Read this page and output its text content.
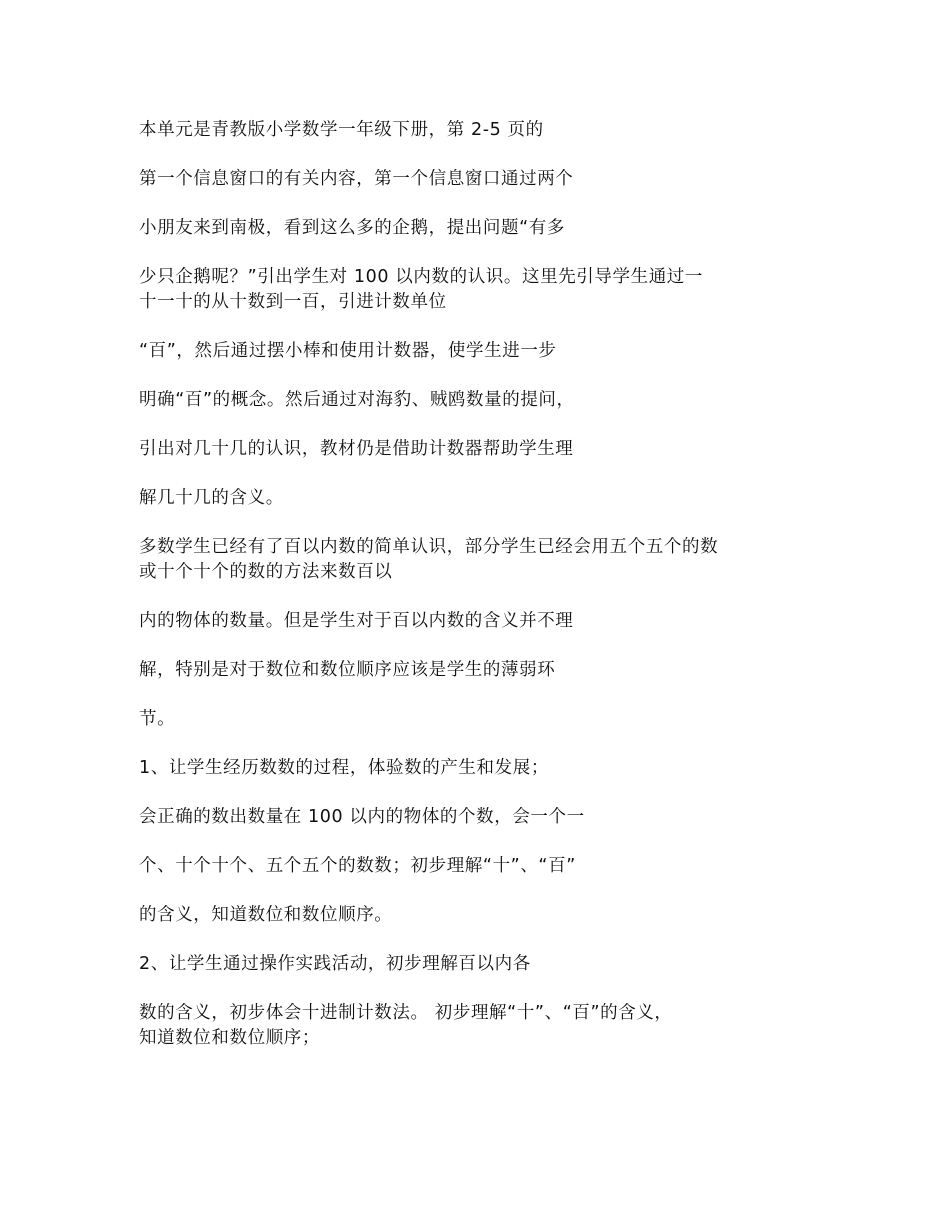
本单元是青教版小学数学一年级下册，第 2-5 页的
第一个信息窗口的有关内容，第一个信息窗口通过两个
小朋友来到南极，看到这么多的企鹅，提出问题“有多
少只企鹅呢？”引出学生对 100 以内数的认识。这里先引导学生通过一
十一十的从十数到一百，引进计数单位
“百”，然后通过摆小棒和使用计数器，使学生进一步
明确“百”的概念。然后通过对海豹、贼鸥数量的提问，
引出对几十几的认识，教材仍是借助计数器帮助学生理
解几十几的含义。
多数学生已经有了百以内数的简单认识，部分学生已经会用五个五个的数
或十个十个的数的方法来数百以
内的物体的数量。但是学生对于百以内数的含义并不理
解，特别是对于数位和数位顺序应该是学生的薄弱环
节。
1、让学生经历数数的过程，体验数的产生和发展；
会正确的数出数量在 100 以内的物体的个数，会一个一
个、十个十个、五个五个的数数；初步理解“十”、“百”
的含义，知道数位和数位顺序。
2、让学生通过操作实践活动，初步理解百以内各
数的含义，初步体会十进制计数法。 初步理解“十”、“百”的含义，
知道数位和数位顺序；
